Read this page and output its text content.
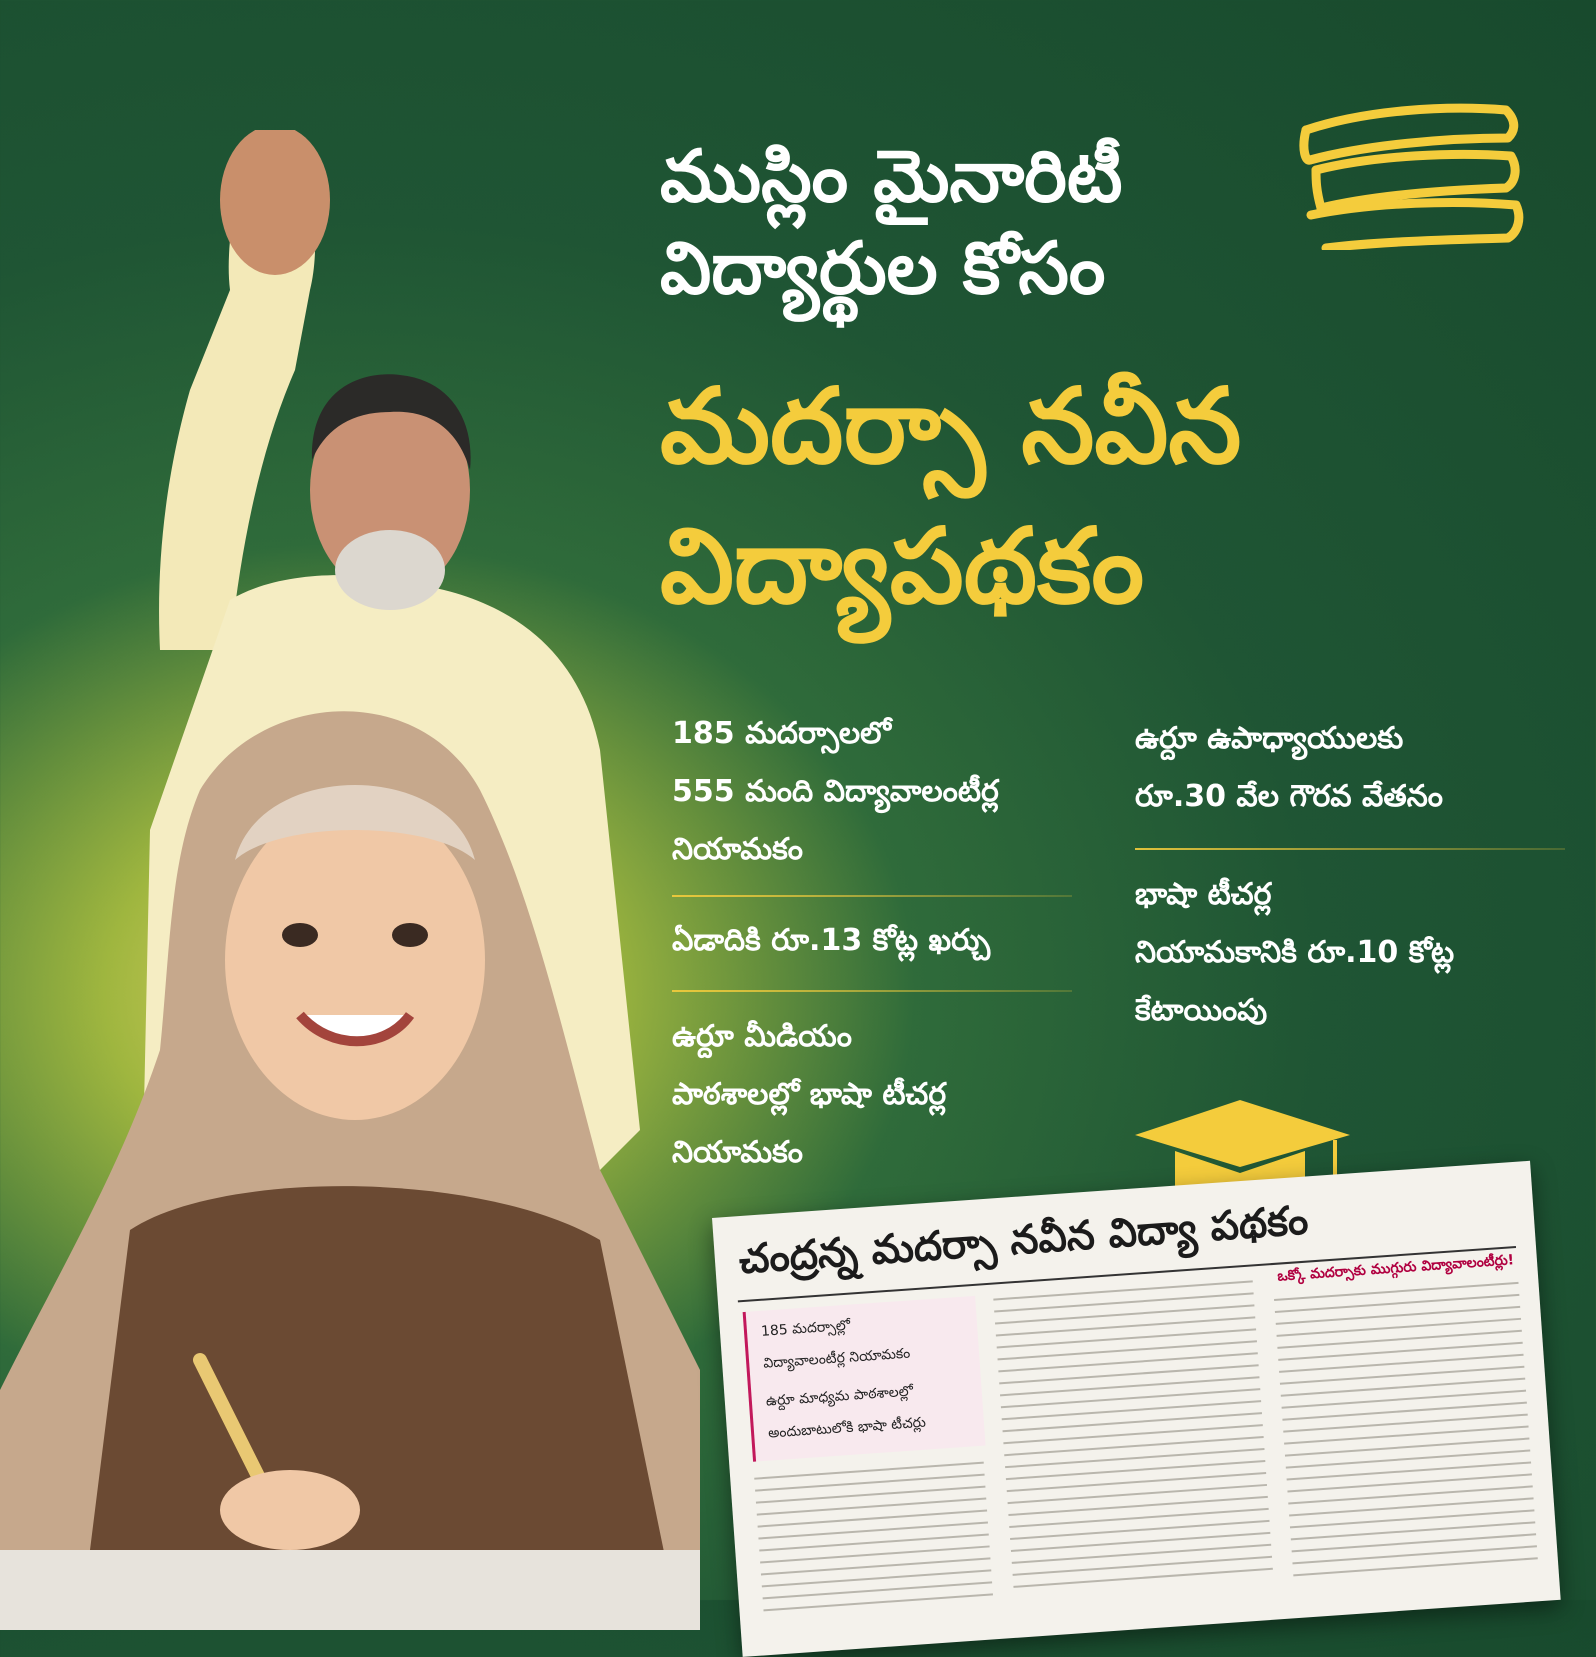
ముస్లిం మైనారిటీ

విద్యార్థుల కోసం

మదర్సా నవీన

విద్యాపథకం

185 మదర్సాలలో
555 మంది విద్యావాలంటీర్ల
నియామకం
ఏడాదికి రూ.13 కోట్ల ఖర్చు
ఉర్దూ మీడియం
పాఠశాలల్లో భాషా టీచర్ల
నియామకం
ఉర్దూ ఉపాధ్యాయులకు
రూ.30 వేల గౌరవ వేతనం
భాషా టీచర్ల
నియామకానికి రూ.10 కోట్ల
కేటాయింపు
చంద్రన్న మదర్సా నవీన విద్యా పథకం
185 మదర్సాల్లో
విద్యావాలంటీర్ల నియామకం
ఉర్దూ మాధ్యమ పాఠశాలల్లో
అందుబాటులోకి భాషా టీచర్లు
ఒక్కో మదర్సాకు ముగ్గురు విద్యావాలంటీర్లు!
